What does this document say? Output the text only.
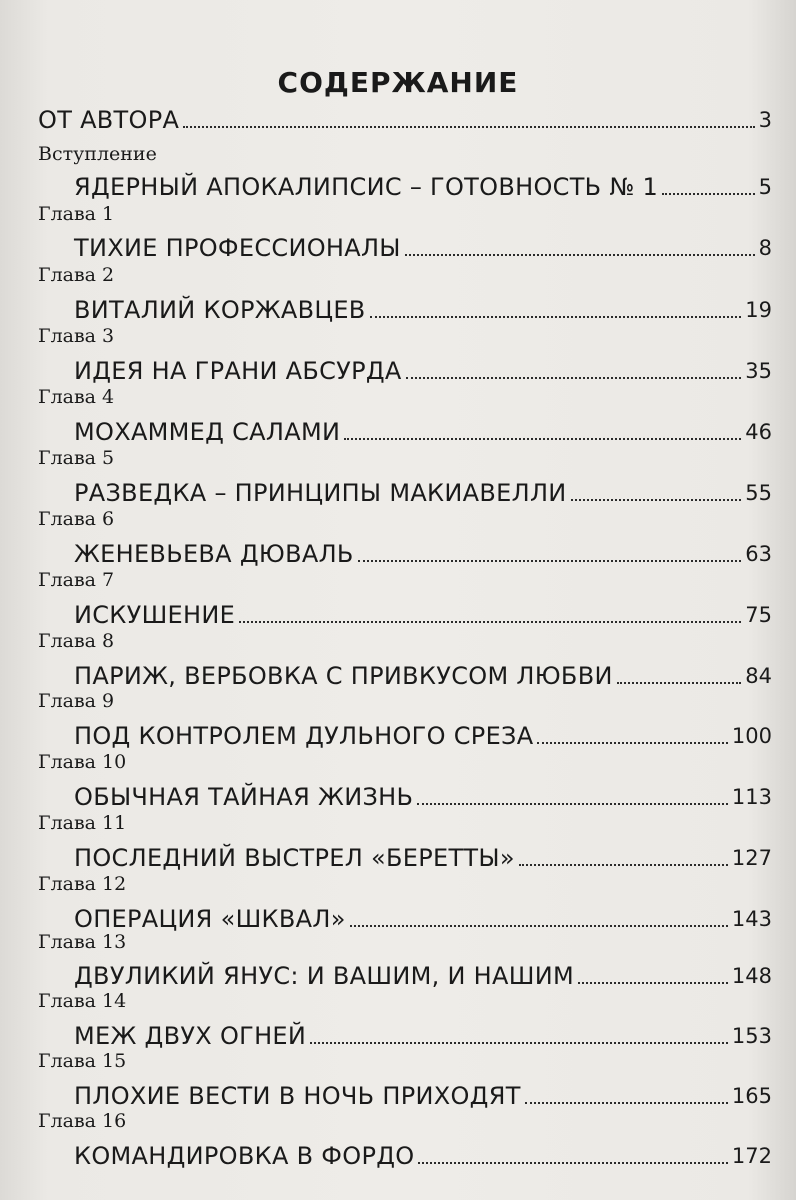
СОДЕРЖАНИЕ
ОТ АВТОРА	3
Вступление
ЯДЕРНЫЙ АПОКАЛИПСИС – ГОТОВНОСТЬ № 1	5
Глава 1
ТИХИЕ ПРОФЕССИОНАЛЫ	8
Глава 2
ВИТАЛИЙ КОРЖАВЦЕВ	19
Глава 3
ИДЕЯ НА ГРАНИ АБСУРДА	35
Глава 4
МОХАММЕД САЛАМИ	46
Глава 5
РАЗВЕДКА – ПРИНЦИПЫ МАКИАВЕЛЛИ	55
Глава 6
ЖЕНЕВЬЕВА ДЮВАЛЬ	63
Глава 7
ИСКУШЕНИЕ	75
Глава 8
ПАРИЖ, ВЕРБОВКА С ПРИВКУСОМ ЛЮБВИ	84
Глава 9
ПОД КОНТРОЛЕМ ДУЛЬНОГО СРЕЗА	100
Глава 10
ОБЫЧНАЯ ТАЙНАЯ ЖИЗНЬ	113
Глава 11
ПОСЛЕДНИЙ ВЫСТРЕЛ «БЕРЕТТЫ»	127
Глава 12
ОПЕРАЦИЯ «ШКВАЛ»	143
Глава 13
ДВУЛИКИЙ ЯНУС: И ВАШИМ, И НАШИМ	148
Глава 14
МЕЖ ДВУХ ОГНЕЙ	153
Глава 15
ПЛОХИЕ ВЕСТИ В НОЧЬ ПРИХОДЯТ	165
Глава 16
КОМАНДИРОВКА В ФОРДО	172
